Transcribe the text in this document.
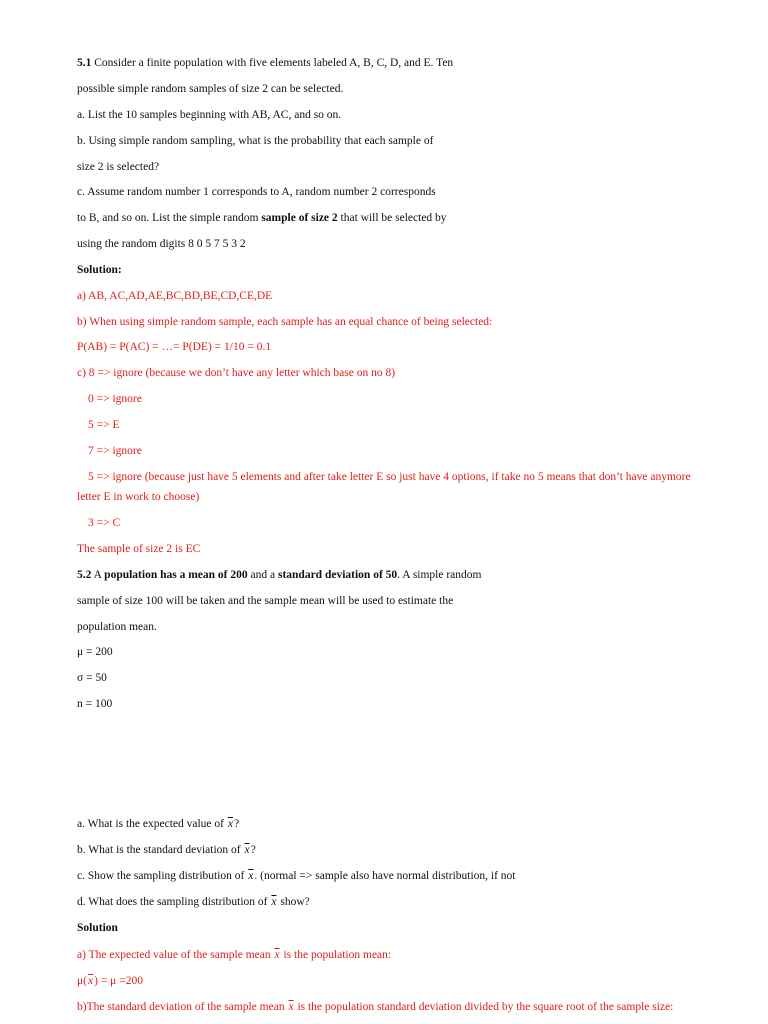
5.1 Consider a finite population with five elements labeled A, B, C, D, and E. Ten
possible simple random samples of size 2 can be selected.
a. List the 10 samples beginning with AB, AC, and so on.
b. Using simple random sampling, what is the probability that each sample of
size 2 is selected?
c. Assume random number 1 corresponds to A, random number 2 corresponds
to B, and so on. List the simple random sample of size 2 that will be selected by
using the random digits 8 0 5 7 5 3 2
Solution:
a) AB, AC,AD,AE,BC,BD,BE,CD,CE,DE
b) When using simple random sample, each sample has an equal chance of being selected:
P(AB) = P(AC) = …= P(DE) = 1/10 = 0.1
c) 8 => ignore (because we don’t have any letter which base on no 8)
0 => ignore
5 => E
7 => ignore
5 => ignore (because just have 5 elements and after take letter E so just have 4 options, if take no 5 means that don’t have anymore
letter E in work to choose)
3 => C
The sample of size 2 is EC
5.2 A population has a mean of 200 and a standard deviation of 50. A simple random
sample of size 100 will be taken and the sample mean will be used to estimate the
population mean.
μ = 200
σ = 50
n = 100
a. What is the expected value of $\overline{x}$?
b. What is the standard deviation of $\overline{x}$?
c. Show the sampling distribution of $\overline{x}$. (normal => sample also have normal distribution, if not
d. What does the sampling distribution of $\overline{x}$ show?
Solution
a) The expected value of the sample mean $\overline{x}$ is the population mean:
$\mu(\overline{x}) = \mu =200$
b)The standard deviation of the sample mean $\overline{x}$ is the population standard deviation divided by the square root of the sample size:
